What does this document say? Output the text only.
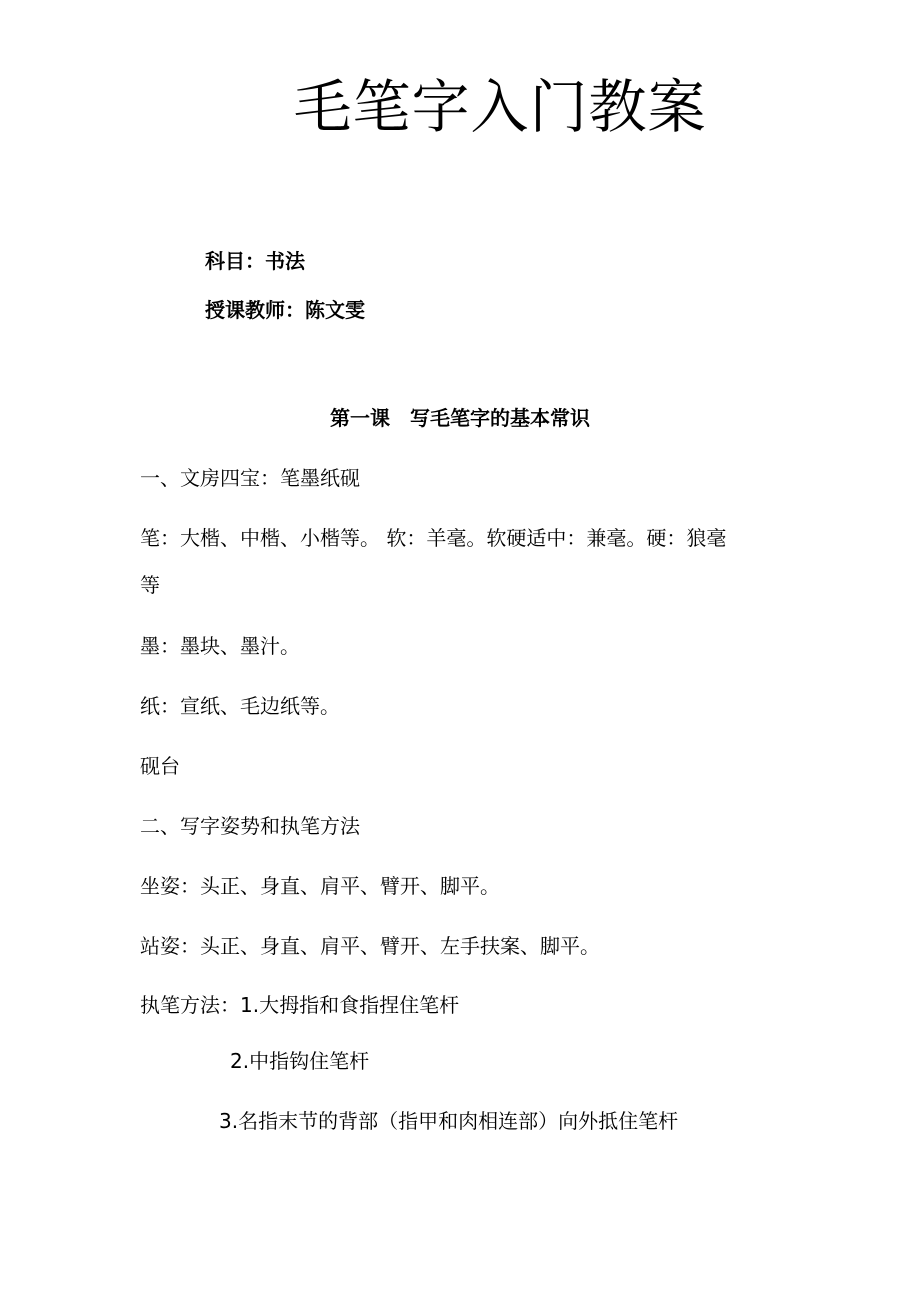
毛笔字入门教案
科目：书法
授课教师：陈文雯
第一课　写毛笔字的基本常识
一、文房四宝：笔墨纸砚
笔：大楷、中楷、小楷等。 软：羊毫。软硬适中：兼毫。硬：狼毫
等
墨：墨块、墨汁。
纸：宣纸、毛边纸等。
砚台
二、写字姿势和执笔方法
坐姿：头正、身直、肩平、臂开、脚平。
站姿：头正、身直、肩平、臂开、左手扶案、脚平。
执笔方法：1.大拇指和食指捏住笔杆
2.中指钩住笔杆
3.名指末节的背部（指甲和肉相连部）向外抵住笔杆
